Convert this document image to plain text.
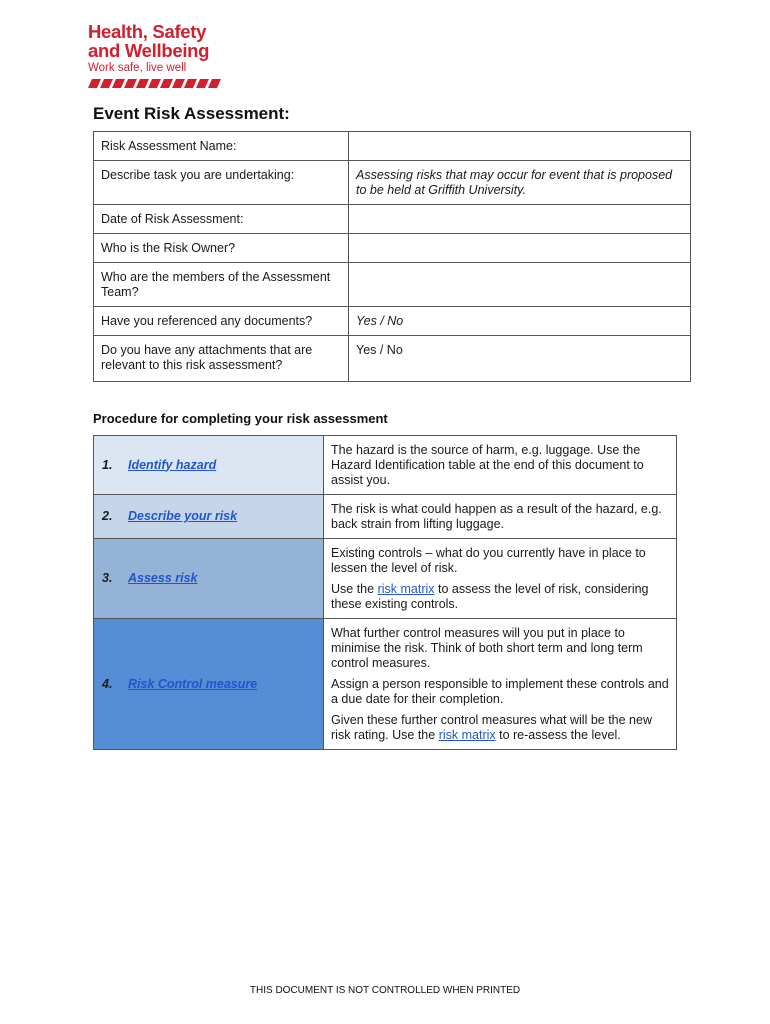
Health, Safety
and Wellbeing
Work safe, live well
Event Risk Assessment:
Risk Assessment Name:	
Describe task you are undertaking:	Assessing risks that may occur for event that is proposed to be held at Griffith University.
Date of Risk Assessment:	
Who is the Risk Owner?	
Who are the members of the Assessment Team?	
Have you referenced any documents?	Yes / No
Do you have any attachments that are relevant to this risk assessment?	Yes / No
Procedure for completing your risk assessment
1. Identify hazard	The hazard is the source of harm, e.g. luggage. Use the Hazard Identification table at the end of this document to assist you.

2. Describe your risk	The risk is what could happen as a result of the hazard, e.g. back strain from lifting luggage.

3. Assess risk	Existing controls – what do you currently have in place to lessen the level of risk.

Use the risk matrix to assess the level of risk, considering these existing controls.

4. Risk Control measure	What further control measures will you put in place to minimise the risk. Think of both short term and long term control measures.

Assign a person responsible to implement these controls and a due date for their completion.

Given these further control measures what will be the new risk rating. Use the risk matrix to re-assess the level.

THIS DOCUMENT IS NOT CONTROLLED WHEN PRINTED
